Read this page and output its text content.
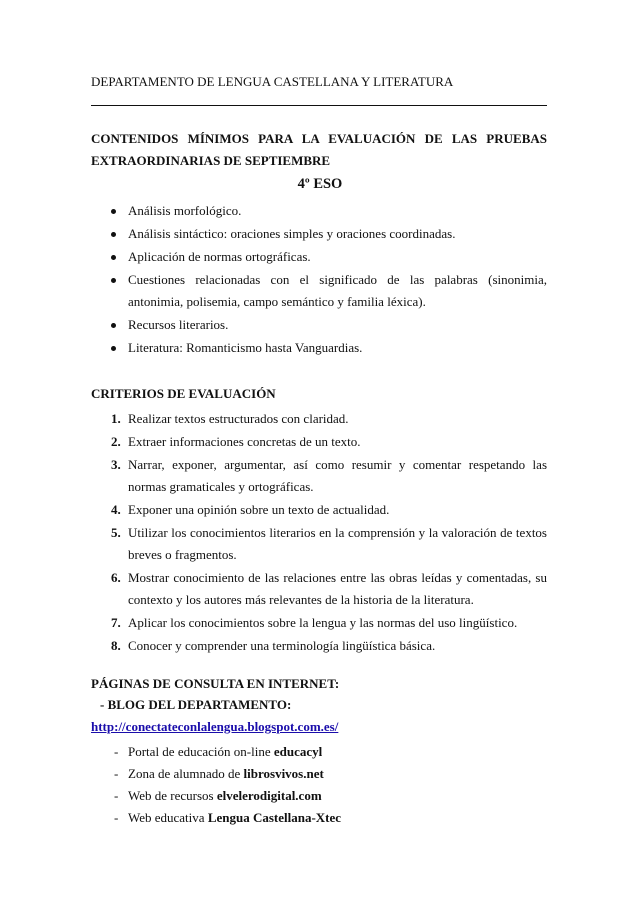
DEPARTAMENTO DE LENGUA CASTELLANA Y LITERATURA
CONTENIDOS MÍNIMOS PARA LA EVALUACIÓN DE LAS PRUEBAS
EXTRAORDINARIAS DE SEPTIEMBRE
4º ESO
Análisis morfológico.
Análisis sintáctico: oraciones simples y oraciones coordinadas.
Aplicación de normas ortográficas.
Cuestiones relacionadas con el significado de las palabras (sinonimia, antonimia, polisemia, campo semántico y familia léxica).
Recursos literarios.
Literatura: Romanticismo hasta Vanguardias.
CRITERIOS DE EVALUACIÓN
1. Realizar textos estructurados con claridad.
2. Extraer informaciones concretas de un texto.
3. Narrar, exponer, argumentar, así como resumir y comentar respetando las normas gramaticales y ortográficas.
4. Exponer una opinión sobre un texto de actualidad.
5. Utilizar los conocimientos literarios en la comprensión y la valoración de textos breves o fragmentos.
6. Mostrar conocimiento de las relaciones entre las obras leídas y comentadas, su contexto y los autores más relevantes de la historia de la literatura.
7. Aplicar los conocimientos sobre la lengua y las normas del uso lingüístico.
8. Conocer y comprender una terminología lingüística básica.
PÁGINAS DE CONSULTA EN INTERNET:
- BLOG DEL DEPARTAMENTO:
http://conectateconlalengua.blogspot.com.es/
- Portal de educación on-line educacyl
- Zona de alumnado de librosvivos.net
- Web de recursos elvelerodigital.com
- Web educativa Lengua Castellana-Xtec
